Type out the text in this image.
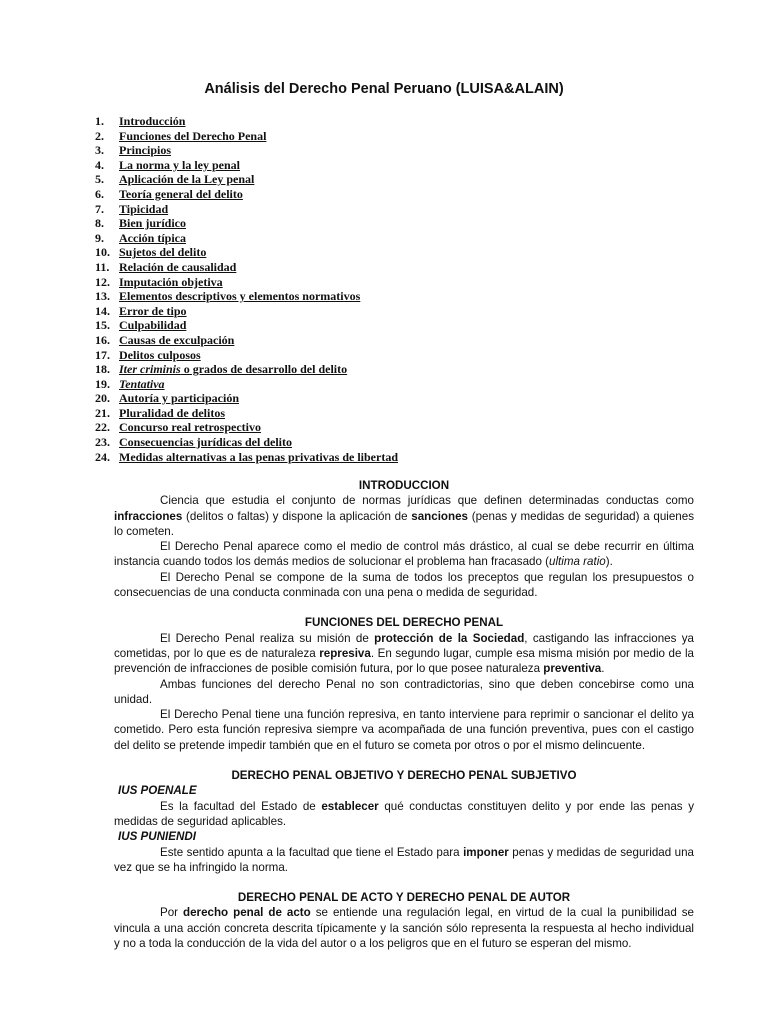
Análisis del Derecho Penal Peruano (LUISA&ALAIN)
1. Introducción
2. Funciones del Derecho Penal
3. Principios
4. La norma y la ley penal
5. Aplicación de la Ley penal
6. Teoría general del delito
7. Tipicidad
8. Bien jurídico
9. Acción típica
10. Sujetos del delito
11. Relación de causalidad
12. Imputación objetiva
13. Elementos descriptivos y elementos normativos
14. Error de tipo
15. Culpabilidad
16. Causas de exculpación
17. Delitos culposos
18. Iter criminis o grados de desarrollo del delito
19. Tentativa
20. Autoría y participación
21. Pluralidad de delitos
22. Concurso real retrospectivo
23. Consecuencias jurídicas del delito
24. Medidas alternativas a las penas privativas de libertad
INTRODUCCION

Ciencia que estudia el conjunto de normas jurídicas que definen determinadas conductas como infracciones (delitos o faltas) y dispone la aplicación de sanciones (penas y medidas de seguridad) a quienes lo cometen.

El Derecho Penal aparece como el medio de control más drástico, al cual se debe recurrir en última instancia cuando todos los demás medios de solucionar el problema han fracasado (ultima ratio).

El Derecho Penal se compone de la suma de todos los preceptos que regulan los presupuestos o consecuencias de una conducta conminada con una pena o medida de seguridad.

FUNCIONES DEL DERECHO PENAL

El Derecho Penal realiza su misión de protección de la Sociedad, castigando las infracciones ya cometidas, por lo que es de naturaleza represiva. En segundo lugar, cumple esa misma misión por medio de la prevención de infracciones de posible comisión futura, por lo que posee naturaleza preventiva.

Ambas funciones del derecho Penal no son contradictorias, sino que deben concebirse como una unidad.

El Derecho Penal tiene una función represiva, en tanto interviene para reprimir o sancionar el delito ya cometido. Pero esta función represiva siempre va acompañada de una función preventiva, pues con el castigo del delito se pretende impedir también que en el futuro se cometa por otros o por el mismo delincuente.

DERECHO PENAL OBJETIVO Y DERECHO PENAL SUBJETIVO
IUS POENALE

Es la facultad del Estado de establecer qué conductas constituyen delito y por ende las penas y medidas de seguridad aplicables.

IUS PUNIENDI

Este sentido apunta a la facultad que tiene el Estado para imponer penas y medidas de seguridad una vez que se ha infringido la norma.

DERECHO PENAL DE ACTO Y DERECHO PENAL DE AUTOR

Por derecho penal de acto se entiende una regulación legal, en virtud de la cual la punibilidad se vincula a una acción concreta descrita típicamente y la sanción sólo representa la respuesta al hecho individual y no a toda la conducción de la vida del autor o a los peligros que en el futuro se esperan del mismo.
